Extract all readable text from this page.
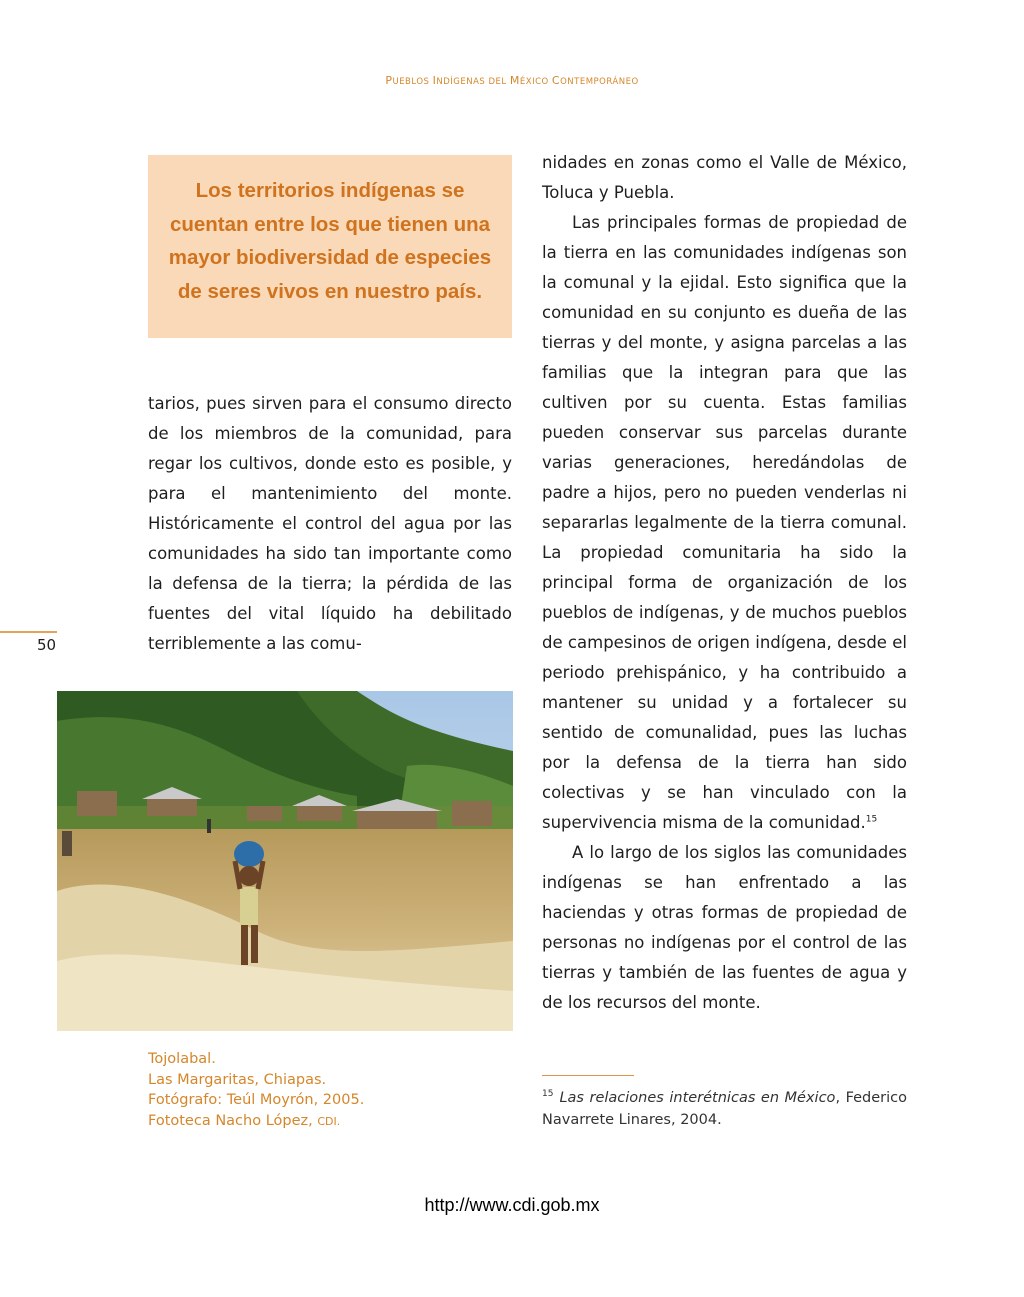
PUEBLOS INDÍGENAS DEL MÉXICO CONTEMPORÁNEO

Los territorios indígenas se cuentan entre los que tienen una mayor biodiversidad de especies de seres vivos en nuestro país.

tarios, pues sirven para el consumo directo de los miembros de la comunidad, para regar los cultivos, donde esto es posible, y para el mantenimiento del monte. Históricamente el control del agua por las comunidades ha sido tan importante como la defensa de la tierra; la pérdida de las fuentes del vital líquido ha debilitado terriblemente a las comu-

50
Tojolabal.
Las Margaritas, Chiapas.
Fotógrafo: Teúl Moyrón, 2005.
Fototeca Nacho López, CDI.

nidades en zonas como el Valle de México, Toluca y Puebla.

Las principales formas de propiedad de la tierra en las comunidades indígenas son la comunal y la ejidal. Esto significa que la comunidad en su conjunto es dueña de las tierras y del monte, y asigna parcelas a las familias que la integran para que las cultiven por su cuenta. Estas familias pueden conservar sus parcelas durante varias generaciones, heredándolas de padre a hijos, pero no pueden venderlas ni separarlas legalmente de la tierra comunal. La propiedad comunitaria ha sido la principal forma de organización de los pueblos de indígenas, y de muchos pueblos de campesinos de origen indígena, desde el periodo prehispánico, y ha contribuido a mantener su unidad y a fortalecer su sentido de comunalidad, pues las luchas por la defensa de la tierra han sido colectivas y se han vinculado con la supervivencia misma de la comunidad.$^{15}$

A lo largo de los siglos las comunidades indígenas se han enfrentado a las haciendas y otras formas de propiedad de personas no indígenas por el control de las tierras y también de las fuentes de agua y de los recursos del monte.

$^{15}$ Las relaciones interétnicas en México, Federico Navarrete Linares, 2004.
http://www.cdi.gob.mx
